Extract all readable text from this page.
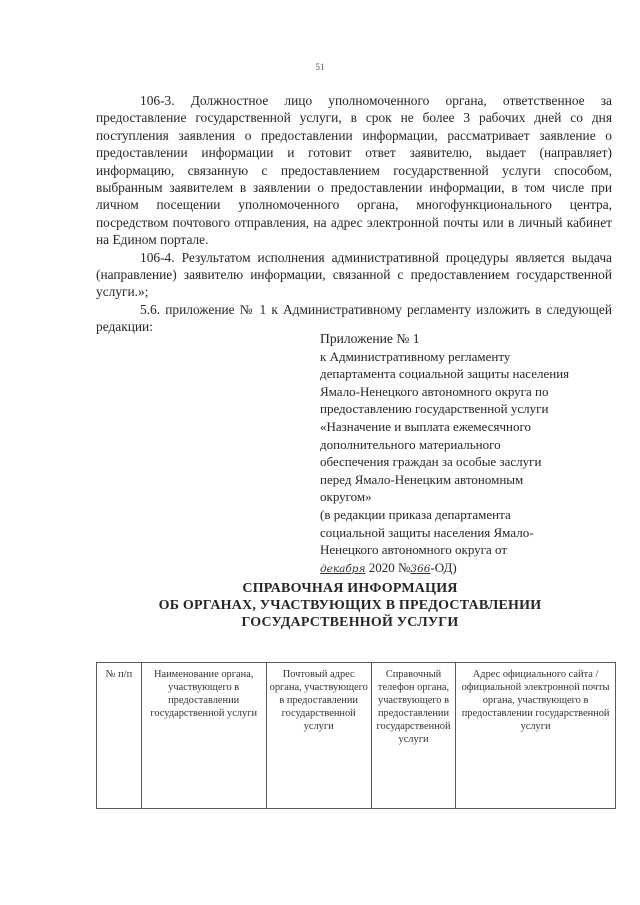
51

106-3. Должностное лицо уполномоченного органа, ответственное за предоставление государственной услуги, в срок не более 3 рабочих дней со дня поступления заявления о предоставлении информации, рассматривает заявление о предоставлении информации и готовит ответ заявителю, выдает (направляет) информацию, связанную с предоставлением государственной услуги способом, выбранным заявителем в заявлении о предоставлении информации, в том числе при личном посещении уполномоченного органа, многофункционального центра, посредством почтового отправления, на адрес электронной почты или в личный кабинет на Едином портале.

106-4. Результатом исполнения административной процедуры является выдача (направление) заявителю информации, связанной с предоставлением государственной услуги.»;

5.6. приложение № 1 к Административному регламенту изложить в следующей редакции:

Приложение № 1
к Административному регламенту
департамента социальной защиты населения
Ямало-Ненецкого автономного округа по
предоставлению государственной услуги
«Назначение и выплата ежемесячного
дополнительного материального
обеспечения граждан за особые заслуги
перед Ямало-Ненецким автономным
округом»
(в редакции приказа департамента
социальной защиты населения Ямало-
Ненецкого автономного округа от
декабря 2020 №366-ОД)
СПРАВОЧНАЯ ИНФОРМАЦИЯ
ОБ ОРГАНАХ, УЧАСТВУЮЩИХ В ПРЕДОСТАВЛЕНИИ
ГОСУДАРСТВЕННОЙ УСЛУГИ
№ п/п	Наименование органа, участвующего в предоставлении государственной услуги	Почтовый адрес органа, участвующего в предоставлении государственной услуги	Справочный телефон органа, участвующего в предоставлении государственной услуги	Адрес официального сайта /официальной электронной почты органа, участвующего в предоставлении государственной услуги
